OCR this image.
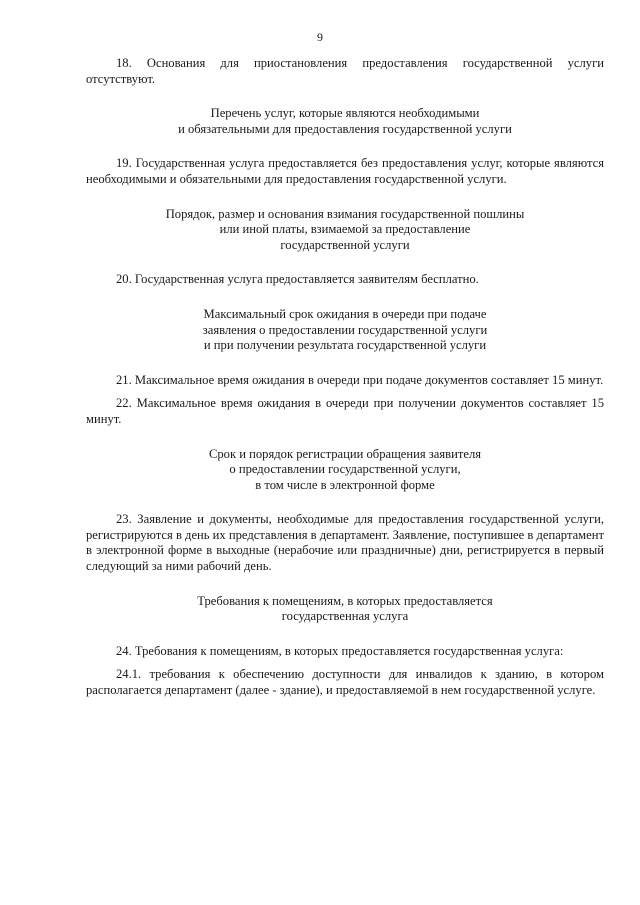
9

18. Основания для приостановления предоставления государственной услуги отсутствуют.

Перечень услуг, которые являются необходимыми
и обязательными для предоставления государственной услуги

19. Государственная услуга предоставляется без предоставления услуг, которые являются необходимыми и обязательными для предоставления государственной услуги.

Порядок, размер и основания взимания государственной пошлины
или иной платы, взимаемой за предоставление
государственной услуги

20. Государственная услуга предоставляется заявителям бесплатно.

Максимальный срок ожидания в очереди при подаче
заявления о предоставлении государственной услуги
и при получении результата государственной услуги

21. Максимальное время ожидания в очереди при подаче документов составляет 15 минут.

22. Максимальное время ожидания в очереди при получении документов составляет 15 минут.

Срок и порядок регистрации обращения заявителя
о предоставлении государственной услуги,
в том числе в электронной форме

23. Заявление и документы, необходимые для предоставления государственной услуги, регистрируются в день их представления в департамент. Заявление, поступившее в департамент в электронной форме в выходные (нерабочие или праздничные) дни, регистрируется в первый следующий за ними рабочий день.

Требования к помещениям, в которых предоставляется
государственная услуга

24. Требования к помещениям, в которых предоставляется государственная услуга:

24.1. требования к обеспечению доступности для инвалидов к зданию, в котором располагается департамент (далее - здание), и предоставляемой в нем государственной услуге.
